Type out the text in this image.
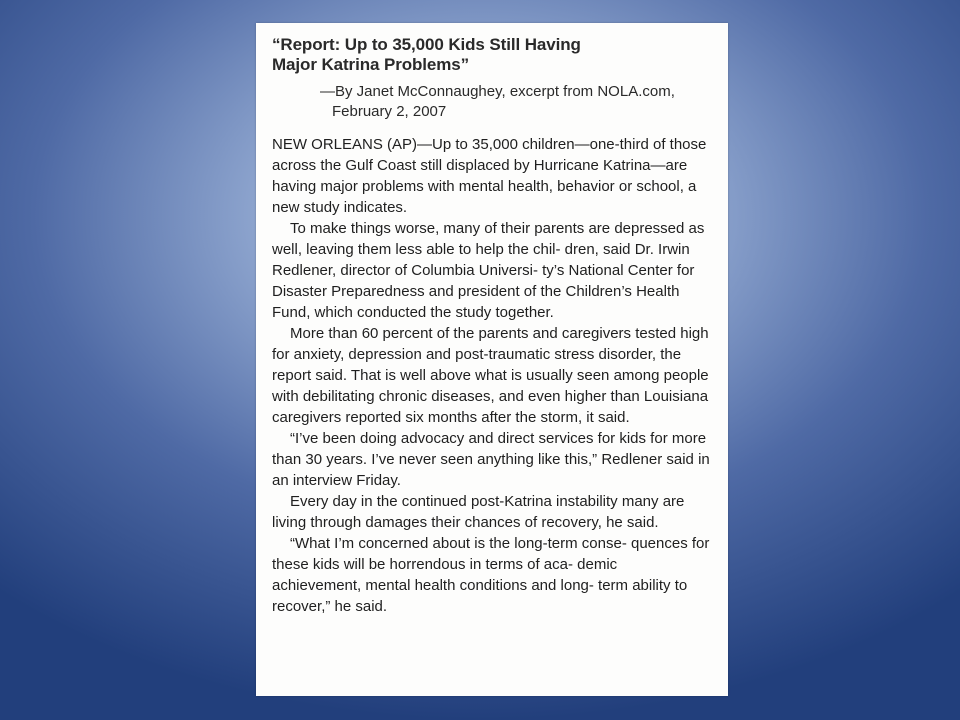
“Report: Up to 35,000 Kids Still Having
Major Katrina Problems”

—By Janet McConnaughey, excerpt from NOLA.com,
February 2, 2007

NEW ORLEANS (AP)—Up to 35,000 children—one-third of those across the Gulf Coast still displaced by Hurricane Katrina—are having major problems with mental health, behavior or school, a new study indicates.

To make things worse, many of their parents are depressed as well, leaving them less able to help the chil- dren, said Dr. Irwin Redlener, director of Columbia Universi- ty’s National Center for Disaster Preparedness and president of the Children’s Health Fund, which conducted the study together.

More than 60 percent of the parents and caregivers tested high for anxiety, depression and post-traumatic stress disorder, the report said. That is well above what is usually seen among people with debilitating chronic diseases, and even higher than Louisiana caregivers reported six months after the storm, it said.

“I’ve been doing advocacy and direct services for kids for more than 30 years. I’ve never seen anything like this,” Redlener said in an interview Friday.

Every day in the continued post-Katrina instability many are living through damages their chances of recovery, he said.

“What I’m concerned about is the long-term conse- quences for these kids will be horrendous in terms of aca- demic achievement, mental health conditions and long- term ability to recover,” he said.
